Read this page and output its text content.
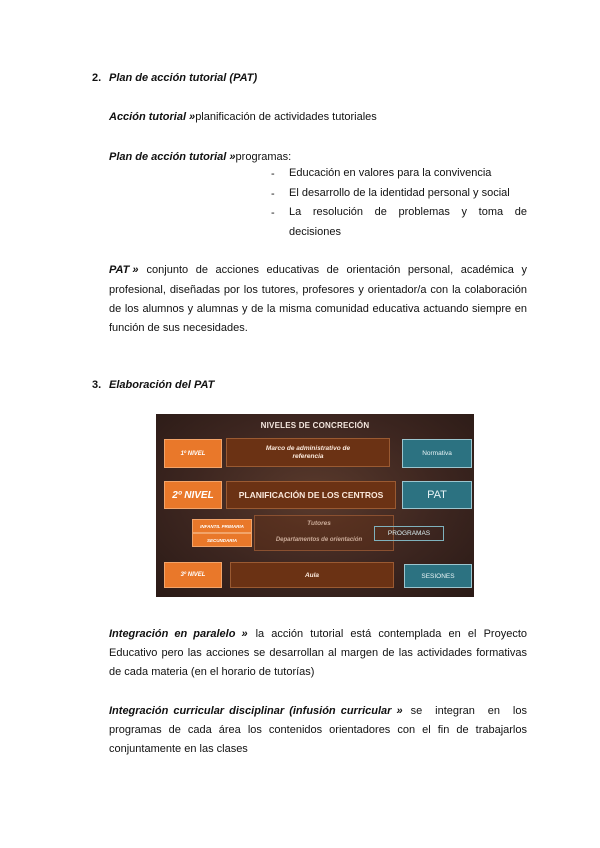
2. Plan de acción tutorial (PAT)
Acción tutorial »planificación de actividades tutoriales
Plan de acción tutorial »programas:
- Educación en valores para la convivencia
- El desarrollo de la identidad personal y social
- La resolución de problemas y toma de decisiones
PAT » conjunto de acciones educativas de orientación personal, académica y
profesional, diseñadas por los tutores, profesores y orientador/a con la colaboración
de los alumnos y alumnas y de la misma comunidad educativa actuando siempre en
función de sus necesidades.
3. Elaboración del PAT
NIVELES DE CONCRECIÓN
1º NIVEL
Marco de administrativo de referencia	Normativa
2º NIVEL	PLANIFICACIÓN DE LOS CENTROS	PAT
INFANTIL PRIMARIA
SECUNDARIA
Tutores
Departamentos de orientación
PROGRAMAS
3º NIVEL	Aula	SESIONES
Integración en paralelo » la acción tutorial está contemplada en el Proyecto
Educativo pero las acciones se desarrollan al margen de las actividades formativas
de cada materia (en el horario de tutorías)
Integración curricular disciplinar (infusión curricular » se integran en los
programas de cada área los contenidos orientadores con el fin de trabajarlos
conjuntamente en las clases
